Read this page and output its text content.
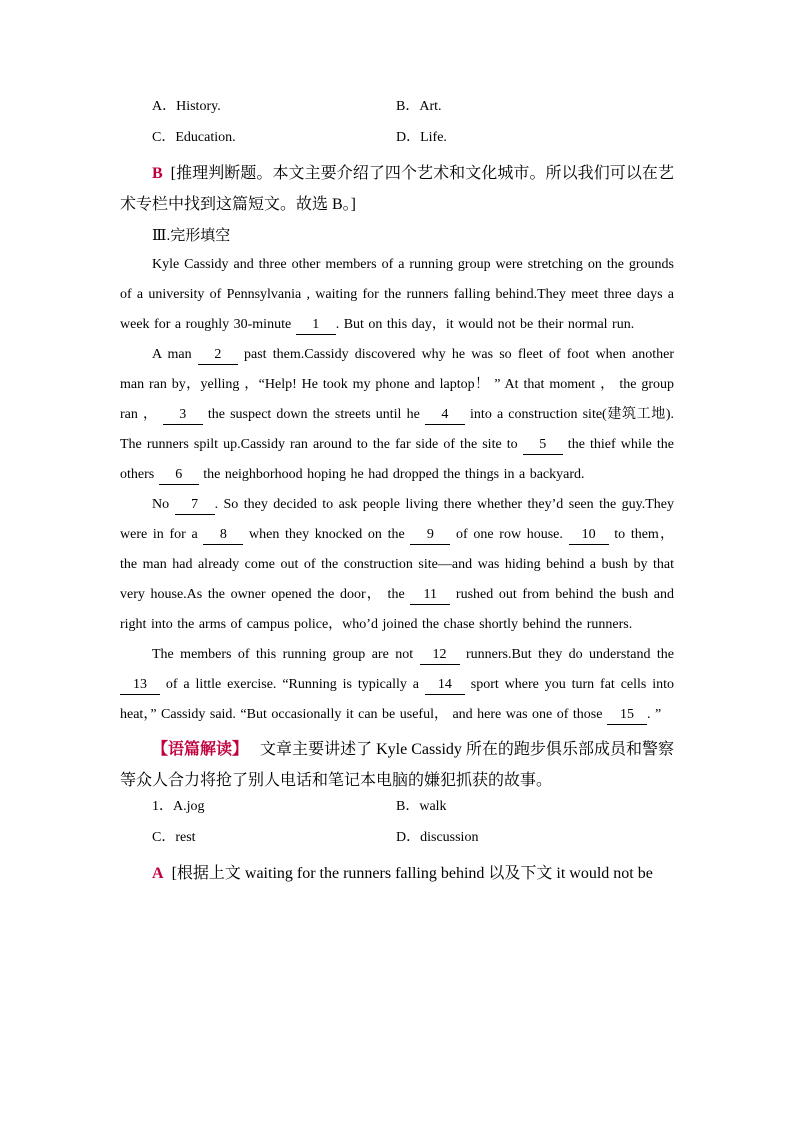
A．History.	B．Art.
C．Education.	D．Life.

B [推理判断题。本文主要介绍了四个艺术和文化城市。所以我们可以在艺术专栏中找到这篇短文。故选 B。]

Ⅲ.完形填空

Kyle Cassidy and three other members of a running group were stretching on the grounds of a university of Pennsylvania , waiting for the runners falling behind.They meet three days a week for a roughly 30-minute 1 . But on this day，it would not be their normal run.

A man 2 past them.Cassidy discovered why he was so fleet of foot when another man ran by，yelling ，“Help! He took my phone and laptop！ ” At that moment ， the group ran ， 3 the suspect down the streets until he 4 into a construction site(建筑工地). The runners spilt up.Cassidy ran around to the far side of the site to 5 the thief while the others 6 the neighborhood hoping he had dropped the things in a backyard.

No 7 . So they decided to ask people living there whether they’d seen the guy.They were in for a 8 when they knocked on the 9 of one row house. 10 to them， the man had already come out of the construction site—and was hiding behind a bush by that very house.As the owner opened the door， the 11 rushed out from behind the bush and right into the arms of campus police，who’d joined the chase shortly behind the runners.

The members of this running group are not 12 runners.But they do understand the 13 of a little exercise. “Running is typically a 14 sport where you turn fat cells into heat，” Cassidy said. “But occasionally it can be useful， and here was one of those 15 . ”

【语篇解读】 文章主要讲述了 Kyle Cassidy 所在的跑步俱乐部成员和警察等众人合力将抢了别人电话和笔记本电脑的嫌犯抓获的故事。

1．A.jog	B．walk
C．rest	D．discussion

A [根据上文 waiting for the runners falling behind 以及下文 it would not be
